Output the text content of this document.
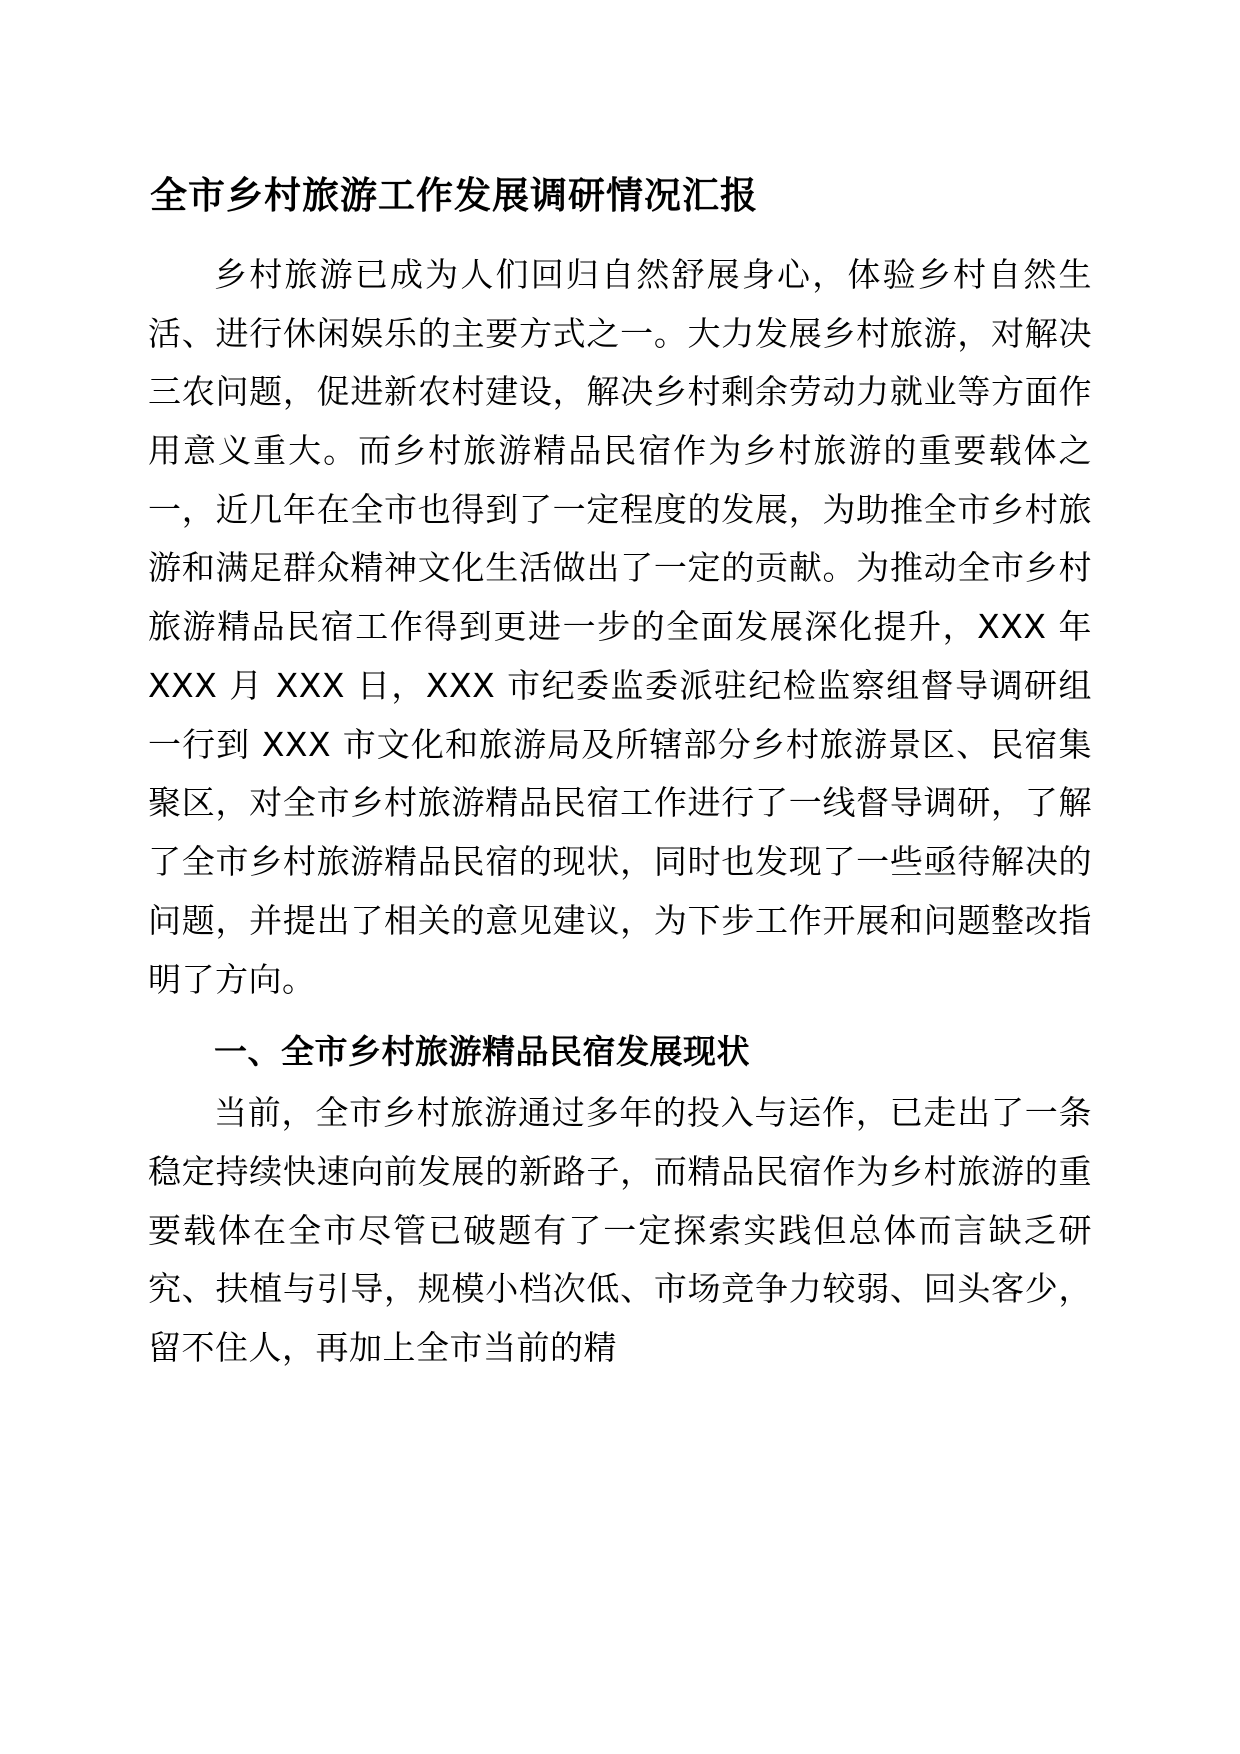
全市乡村旅游工作发展调研情况汇报

乡村旅游已成为人们回归自然舒展身心，体验乡村自然生活、进行休闲娱乐的主要方式之一。大力发展乡村旅游，对解决三农问题，促进新农村建设，解决乡村剩余劳动力就业等方面作用意义重大。而乡村旅游精品民宿作为乡村旅游的重要载体之一，近几年在全市也得到了一定程度的发展，为助推全市乡村旅游和满足群众精神文化生活做出了一定的贡献。为推动全市乡村旅游精品民宿工作得到更进一步的全面发展深化提升，XXX 年 XXX 月 XXX 日，XXX 市纪委监委派驻纪检监察组督导调研组一行到 XXX 市文化和旅游局及所辖部分乡村旅游景区、民宿集聚区，对全市乡村旅游精品民宿工作进行了一线督导调研，了解了全市乡村旅游精品民宿的现状，同时也发现了一些亟待解决的问题，并提出了相关的意见建议，为下步工作开展和问题整改指明了方向。

一、全市乡村旅游精品民宿发展现状

当前，全市乡村旅游通过多年的投入与运作，已走出了一条稳定持续快速向前发展的新路子，而精品民宿作为乡村旅游的重要载体在全市尽管已破题有了一定探索实践但总体而言缺乏研究、扶植与引导，规模小档次低、市场竞争力较弱、回头客少，留不住人，再加上全市当前的精
